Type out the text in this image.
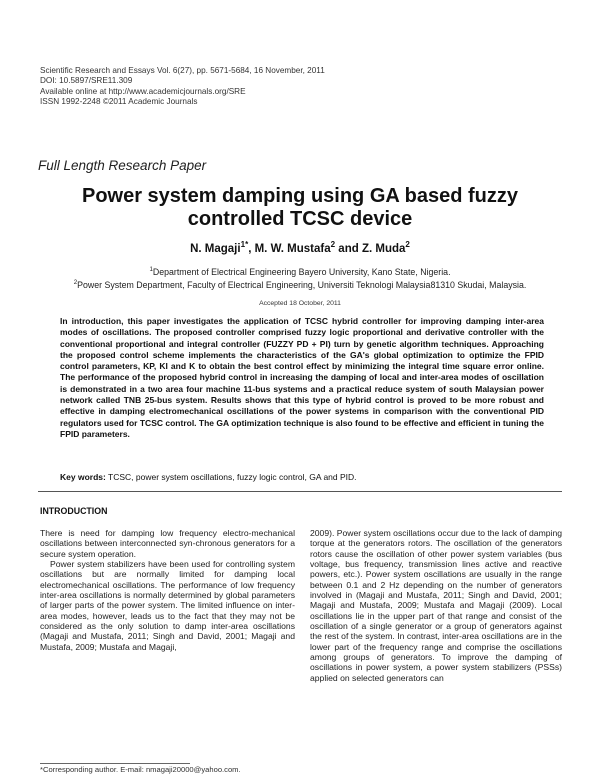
Scientific Research and Essays Vol. 6(27), pp. 5671-5684, 16 November, 2011
DOI: 10.5897/SRE11.309
Available online at http://www.academicjournals.org/SRE
ISSN 1992-2248 ©2011 Academic Journals
Full Length Research Paper
Power system damping using GA based fuzzy controlled TCSC device
N. Magaji$^{1*}$, M. W. Mustafa$^2$ and Z. Muda$^2$
$^1$Department of Electrical Engineering Bayero University, Kano State, Nigeria.
$^2$Power System Department, Faculty of Electrical Engineering, Universiti Teknologi Malaysia81310 Skudai, Malaysia.
Accepted 18 October, 2011
In introduction, this paper investigates the application of TCSC hybrid controller for improving damping inter-area modes of oscillations. The proposed controller comprised fuzzy logic proportional and derivative controller with the conventional proportional and integral controller (FUZZY PD + PI) turn by genetic algorithm techniques. Approaching the proposed control scheme implements the characteristics of the GA's global optimization to optimize the FPID control parameters, KP, KI and K to obtain the best control effect by minimizing the integral time square error online. The performance of the proposed hybrid control in increasing the damping of local and inter-area modes of oscillation is demonstrated in a two area four machine 11-bus systems and a practical reduce system of south Malaysian power network called TNB 25-bus system. Results shows that this type of hybrid control is proved to be more robust and effective in damping electromechanical oscillations of the power systems in comparison with the conventional PID regulators used for TCSC control. The GA optimization technique is also found to be effective and efficient in tuning the FPID parameters.
Key words: TCSC, power system oscillations, fuzzy logic control, GA and PID.
INTRODUCTION

There is need for damping low frequency electro-mechanical oscillations between interconnected syn-chronous generators for a secure system operation.

Power system stabilizers have been used for controlling system oscillations but are normally limited for damping local electromechanical oscillations. The performance of low frequency inter-area oscillations is normally determined by global parameters of larger parts of the power system. The limited influence on inter-area modes, however, leads us to the fact that they may not be considered as the only solution to damp inter-area oscillations (Magaji and Mustafa, 2011; Singh and David, 2001; Magaji and Mustafa, 2009; Mustafa and Magaji,

2009). Power system oscillations occur due to the lack of damping torque at the generators rotors. The oscillation of the generators rotors cause the oscillation of other power system variables (bus voltage, bus frequency, transmission lines active and reactive powers, etc.). Power system oscillations are usually in the range between 0.1 and 2 Hz depending on the number of generators involved in (Magaji and Mustafa, 2011; Singh and David, 2001; Magaji and Mustafa, 2009; Mustafa and Magaji (2009). Local oscillations lie in the upper part of that range and consist of the oscillation of a single generator or a group of generators against the rest of the system. In contrast, inter-area oscillations are in the lower part of the frequency range and comprise the oscillations among groups of generators. To improve the damping of oscillations in power system, a power system stabilizers (PSSs) applied on selected generators can

*Corresponding author. E-mail: nmagaji20000@yahoo.com.
